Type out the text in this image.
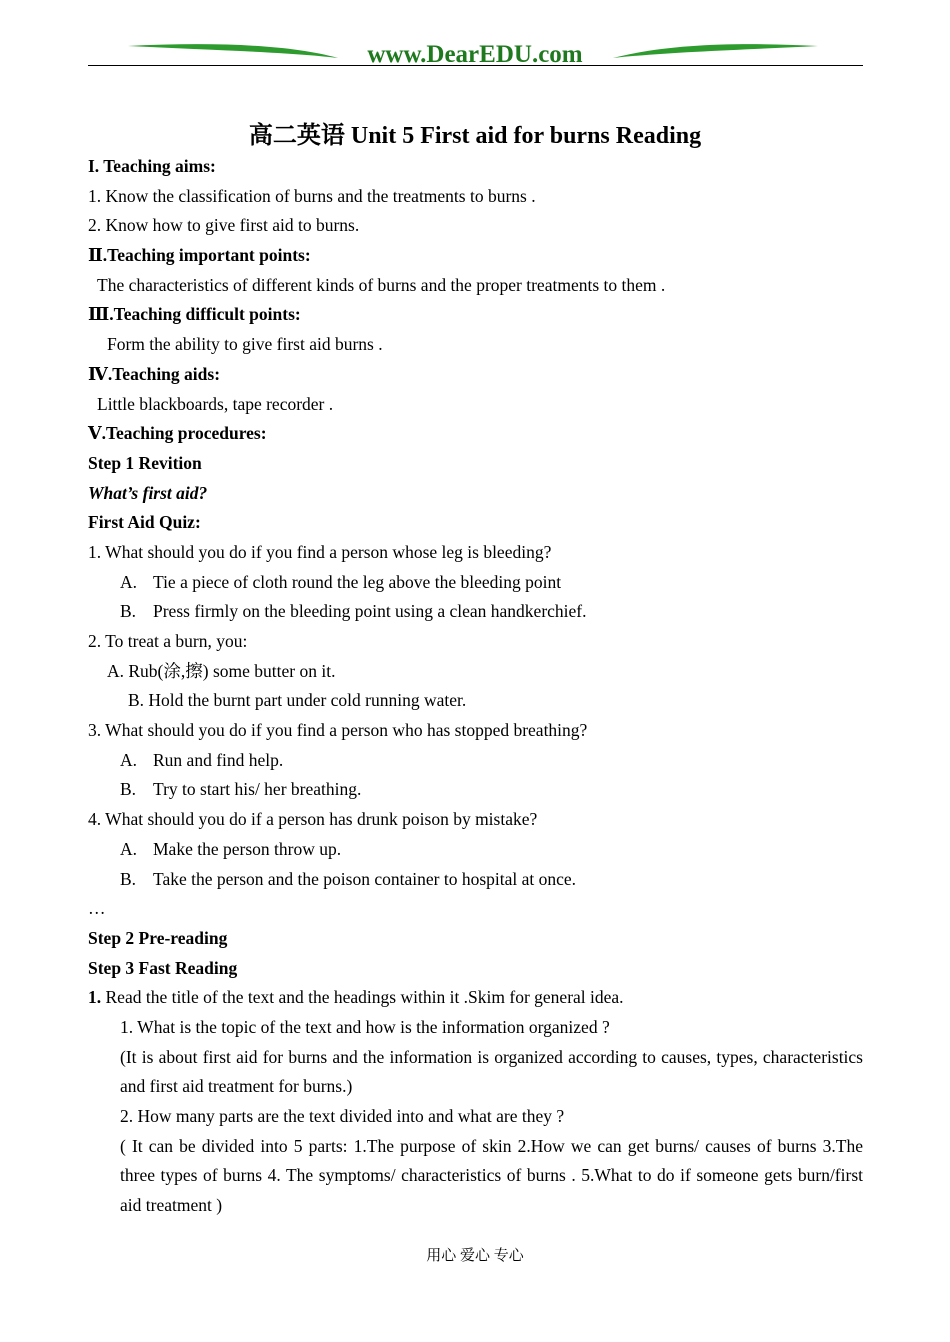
www.DearEDU.com
高二英语 Unit 5 First aid for burns Reading
I. Teaching aims:
1. Know the classification of burns and the treatments to burns .
2. Know how to give first aid to burns.
Ⅱ.Teaching important points:
The characteristics of different kinds of burns and the proper treatments to them .
Ⅲ.Teaching difficult points:
Form the ability to give first aid burns .
Ⅳ.Teaching aids:
Little blackboards, tape recorder .
Ⅴ.Teaching procedures:
Step 1 Revition
What’s first aid?
First Aid Quiz:
1. What should you do if you find a person whose leg is bleeding?
A. Tie a piece of cloth round the leg above the bleeding point
B. Press firmly on the bleeding point using a clean handkerchief.
2. To treat a burn, you:
A. Rub(涂,擦) some butter on it.
B. Hold the burnt part under cold running water.
3. What should you do if you find a person who has stopped breathing?
A. Run and find help.
B. Try to start his/ her breathing.
4. What should you do if a person has drunk poison by mistake?
A. Make the person throw up.
B. Take the person and the poison container to hospital at once.
…
Step 2 Pre-reading
Step 3 Fast Reading
1. Read the title of the text and the headings within it .Skim for general idea.
1. What is the topic of the text and how is the information organized ?
(It is about first aid for burns and the information is organized according to causes, types, characteristics and first aid treatment for burns.)
2. How many parts are the text divided into and what are they ?
( It can be divided into 5 parts: 1.The purpose of skin 2.How we can get burns/ causes of burns 3.The three types of burns 4. The symptoms/ characteristics of burns . 5.What to do if someone gets burn/first aid treatment )
用心 爱心 专心
